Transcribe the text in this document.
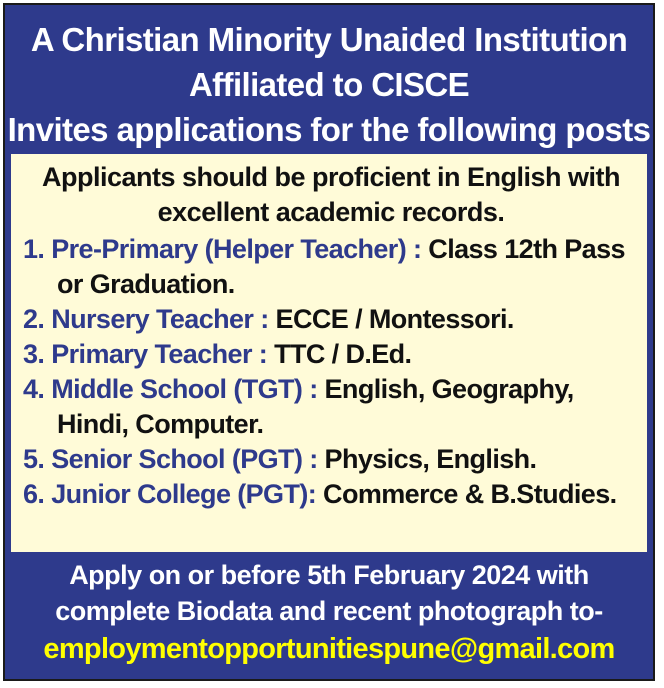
A Christian Minority Unaided Institution
Affiliated to CISCE
Invites applications for the following posts
Applicants should be proficient in English with
excellent academic records.
1. Pre-Primary (Helper Teacher) : Class 12th Pass or Graduation.
2. Nursery Teacher : ECCE / Montessori.
3. Primary Teacher : TTC / D.Ed.
4. Middle School (TGT) : English, Geography, Hindi, Computer.
5. Senior School (PGT) : Physics, English.
6. Junior College (PGT): Commerce & B.Studies.
Apply on or before 5th February 2024 with
complete Biodata and recent photograph to-
employmentopportunitiespune@gmail.com
